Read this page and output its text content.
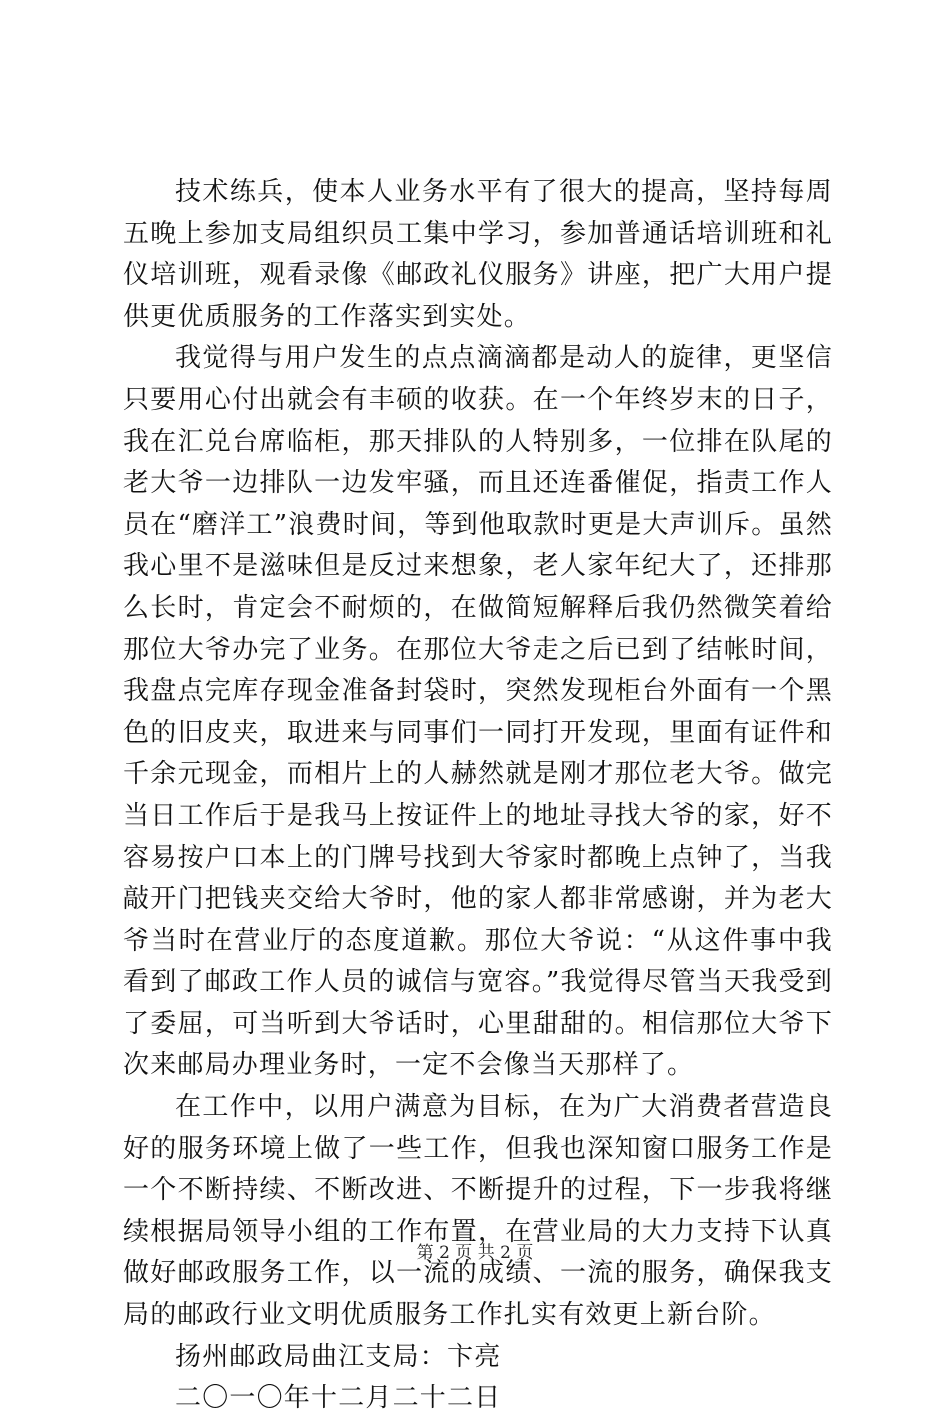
技术练兵，使本人业务水平有了很大的提高，坚持每周五晚上参加支局组织员工集中学习，参加普通话培训班和礼仪培训班，观看录像《邮政礼仪服务》讲座，把广大用户提供更优质服务的工作落实到实处。

我觉得与用户发生的点点滴滴都是动人的旋律，更坚信只要用心付出就会有丰硕的收获。在一个年终岁末的日子，我在汇兑台席临柜，那天排队的人特别多，一位排在队尾的老大爷一边排队一边发牢骚，而且还连番催促，指责工作人员在“磨洋工”浪费时间，等到他取款时更是大声训斥。虽然我心里不是滋味但是反过来想象，老人家年纪大了，还排那么长时，肯定会不耐烦的，在做简短解释后我仍然微笑着给那位大爷办完了业务。在那位大爷走之后已到了结帐时间，我盘点完库存现金准备封袋时，突然发现柜台外面有一个黑色的旧皮夹，取进来与同事们一同打开发现，里面有证件和千余元现金，而相片上的人赫然就是刚才那位老大爷。做完当日工作后于是我马上按证件上的地址寻找大爷的家，好不容易按户口本上的门牌号找到大爷家时都晚上点钟了，当我敲开门把钱夹交给大爷时，他的家人都非常感谢，并为老大爷当时在营业厅的态度道歉。那位大爷说：“从这件事中我看到了邮政工作人员的诚信与宽容。”我觉得尽管当天我受到了委屈，可当听到大爷话时，心里甜甜的。相信那位大爷下次来邮局办理业务时，一定不会像当天那样了。

在工作中，以用户满意为目标，在为广大消费者营造良好的服务环境上做了一些工作，但我也深知窗口服务工作是一个不断持续、不断改进、不断提升的过程，下一步我将继续根据局领导小组的工作布置，在营业局的大力支持下认真做好邮政服务工作，以一流的成绩、一流的服务，确保我支局的邮政行业文明优质服务工作扎实有效更上新台阶。

扬州邮政局曲江支局：卞亮

二〇一〇年十二月二十二日

第 2 页 共 2 页
